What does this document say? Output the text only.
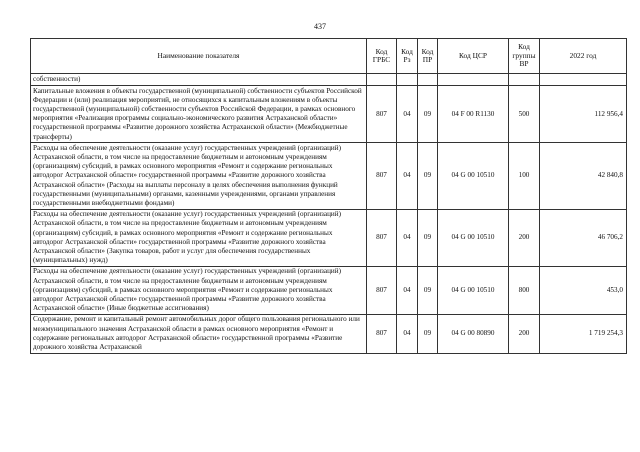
437
Наименование показателя	Код ГРБС	Код Рз	Код ПР	Код ЦСР	Код группы ВР	2022 год
собственности)						
Капитальные вложения в объекты государственной (муниципальной) собственности субъектов Российской Федерации и (или) реализация мероприятий, не относящихся к капитальным вложениям в объекты государственной (муниципальной) собственности субъектов Российской Федерации, в рамках основного мероприятия «Реализация программы социально-экономического развития Астраханской области» государственной программы «Развитие дорожного хозяйства Астраханской области» (Межбюджетные трансферты)	807	04	09	04 F 00 R1130	500	112 956,4
Расходы на обеспечение деятельности (оказание услуг) государственных учреждений (организаций) Астраханской области, в том числе на предоставление бюджетным и автономным учреждениям (организациям) субсидий, в рамках основного мероприятия «Ремонт и содержание региональных автодорог Астраханской области» государственной программы «Развитие дорожного хозяйства Астраханской области» (Расходы на выплаты персоналу в целях обеспечения выполнения функций государственными (муниципальными) органами, казенными учреждениями, органами управления государственными внебюджетными фондами)	807	04	09	04 G 00 10510	100	42 840,8
Расходы на обеспечение деятельности (оказание услуг) государственных учреждений (организаций) Астраханской области, в том числе на предоставление бюджетным и автономным учреждениям (организациям) субсидий, в рамках основного мероприятия «Ремонт и содержание региональных автодорог Астраханской области» государственной программы «Развитие дорожного хозяйства Астраханской области» (Закупка товаров, работ и услуг для обеспечения государственных (муниципальных) нужд)	807	04	09	04 G 00 10510	200	46 706,2
Расходы на обеспечение деятельности (оказание услуг) государственных учреждений (организаций) Астраханской области, в том числе на предоставление бюджетным и автономным учреждениям (организациям) субсидий, в рамках основного мероприятия «Ремонт и содержание региональных автодорог Астраханской области» государственной программы «Развитие дорожного хозяйства Астраханской области» (Иные бюджетные ассигнования)	807	04	09	04 G 00 10510	800	453,0
Содержание, ремонт и капитальный ремонт автомобильных дорог общего пользования регионального или межмуниципального значения Астраханской области в рамках основного мероприятия «Ремонт и содержание региональных автодорог Астраханской области» государственной программы «Развитие дорожного хозяйства Астраханской	807	04	09	04 G 00 80890	200	1 719 254,3
